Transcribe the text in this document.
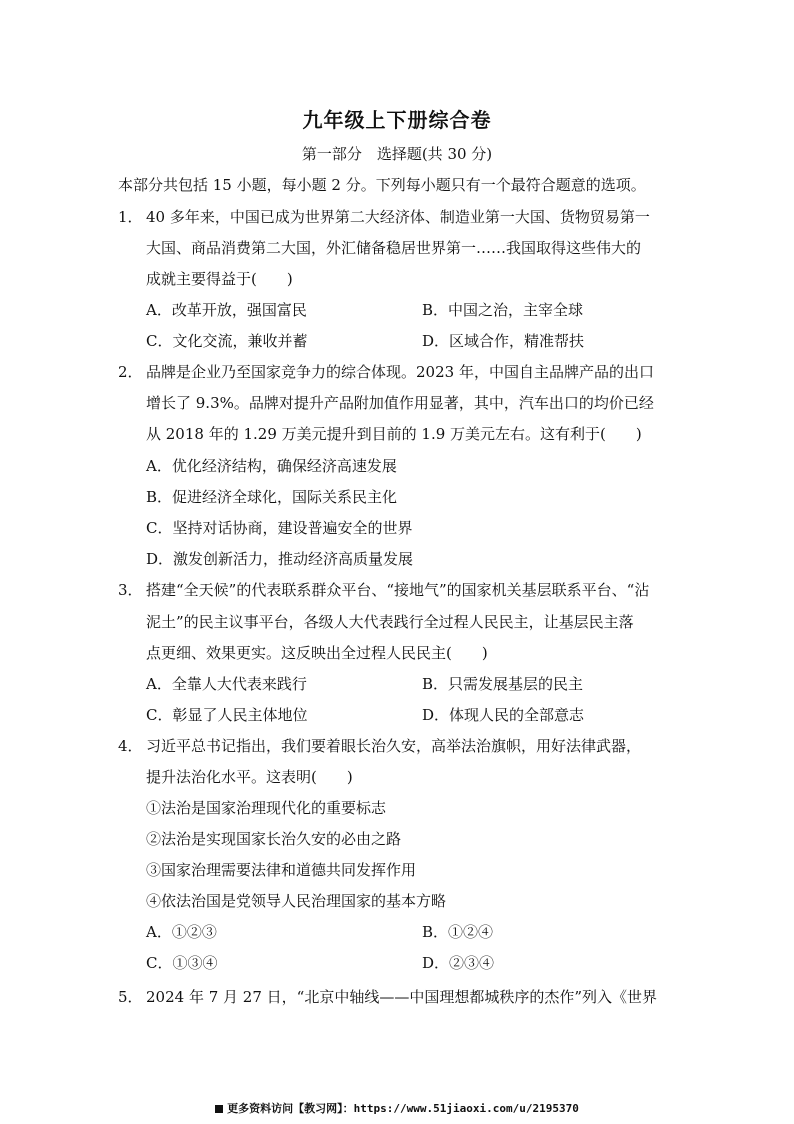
九年级上下册综合卷
第一部分　选择题(共 30 分)
本部分共包括 15 小题，每小题 2 分。下列每小题只有一个最符合题意的选项。
1． 40 多年来，中国已成为世界第二大经济体、制造业第一大国、货物贸易第一
大国、商品消费第二大国，外汇储备稳居世界第一……我国取得这些伟大的
成就主要得益于(　　)
A．改革开放，强国富民	B．中国之治，主宰全球
C．文化交流，兼收并蓄	D．区域合作，精准帮扶
2． 品牌是企业乃至国家竞争力的综合体现。2023 年，中国自主品牌产品的出口
增长了 9.3%。品牌对提升产品附加值作用显著，其中，汽车出口的均价已经
从 2018 年的 1.29 万美元提升到目前的 1.9 万美元左右。这有利于(　　)
A．优化经济结构，确保经济高速发展
B．促进经济全球化，国际关系民主化
C．坚持对话协商，建设普遍安全的世界
D．激发创新活力，推动经济高质量发展
3． 搭建“全天候”的代表联系群众平台、“接地气”的国家机关基层联系平台、“沾
泥土”的民主议事平台，各级人大代表践行全过程人民民主，让基层民主落
点更细、效果更实。这反映出全过程人民民主(　　)
A．全靠人大代表来践行	B．只需发展基层的民主
C．彰显了人民主体地位	D．体现人民的全部意志
4． 习近平总书记指出，我们要着眼长治久安，高举法治旗帜，用好法律武器，
提升法治化水平。这表明(　　)
①法治是国家治理现代化的重要标志
②法治是实现国家长治久安的必由之路
③国家治理需要法律和道德共同发挥作用
④依法治国是党领导人民治理国家的基本方略
A．①②③	B．①②④
C．①③④	D．②③④
5． 2024 年 7 月 27 日，“北京中轴线——中国理想都城秩序的杰作”列入《世界
更多资料访问【教习网】：https://www.51jiaoxi.com/u/2195370
